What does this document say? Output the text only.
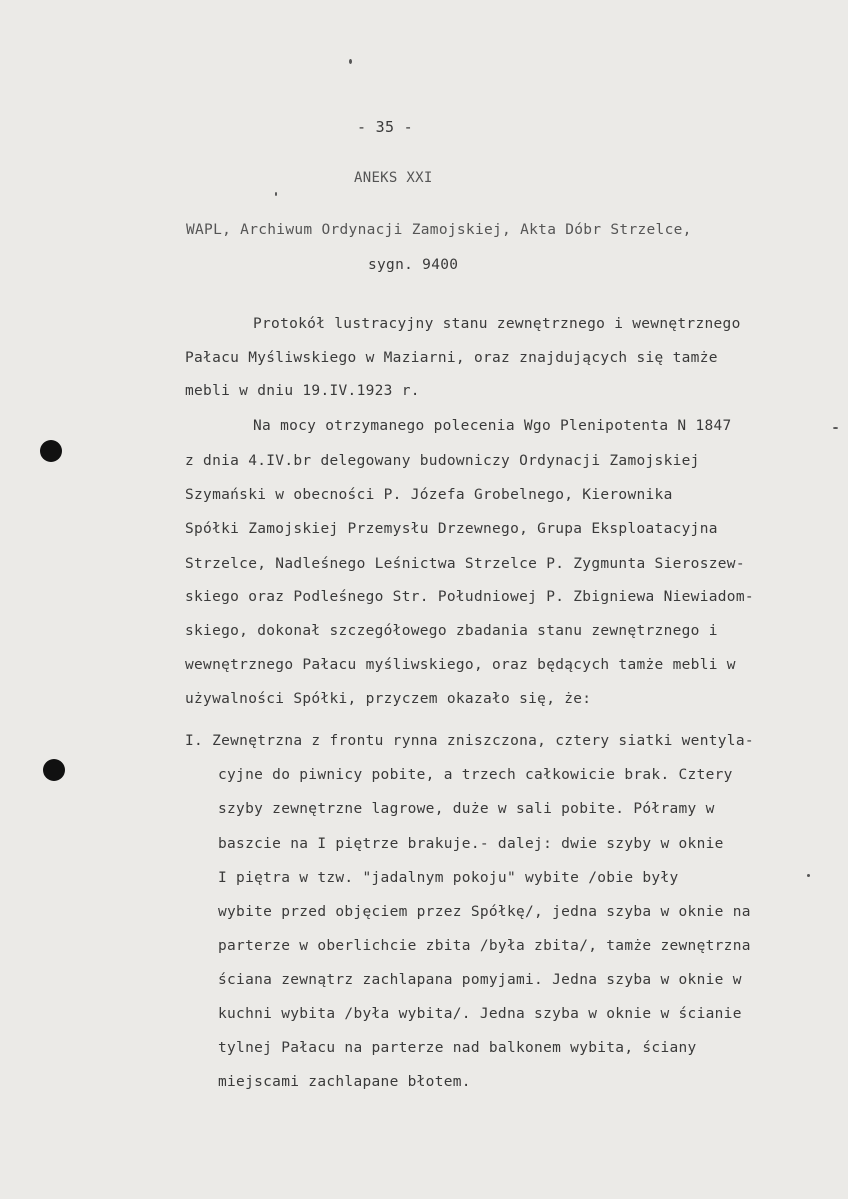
- 35 -
ANEKS XXI
WAPL, Archiwum Ordynacji Zamojskiej, Akta Dóbr Strzelce,
sygn. 9400
Protokół lustracyjny stanu zewnętrznego i wewnętrznego
Pałacu Myśliwskiego w Maziarni, oraz znajdujących się tamże
mebli w dniu 19.IV.1923 r.
Na mocy otrzymanego polecenia Wgo Plenipotenta N 1847
z dnia 4.IV.br delegowany budowniczy Ordynacji Zamojskiej
Szymański w obecności P. Józefa Grobelnego, Kierownika
Spółki Zamojskiej Przemysłu Drzewnego, Grupa Eksploatacyjna
Strzelce, Nadleśnego Leśnictwa Strzelce P. Zygmunta Sieroszew-
skiego oraz Podleśnego Str. Południowej P. Zbigniewa Niewiadom-
skiego, dokonał szczegółowego zbadania stanu zewnętrznego i
wewnętrznego Pałacu myśliwskiego, oraz będących tamże mebli w
używalności Spółki, przyczem okazało się, że:
I. Zewnętrzna z frontu rynna zniszczona, cztery siatki wentyla-
cyjne do piwnicy pobite, a trzech całkowicie brak. Cztery
szyby zewnętrzne lagrowe, duże w sali pobite. Półramy w
baszcie na I piętrze brakuje.- dalej: dwie szyby w oknie
I piętra w tzw. "jadalnym pokoju" wybite /obie były
wybite przed objęciem przez Spółkę/, jedna szyba w oknie na
parterze w oberlichcie zbita /była zbita/, tamże zewnętrzna
ściana zewnątrz zachlapana pomyjami. Jedna szyba w oknie w
kuchni wybita /była wybita/. Jedna szyba w oknie w ścianie
tylnej Pałacu na parterze nad balkonem wybita, ściany
miejscami zachlapane błotem.
